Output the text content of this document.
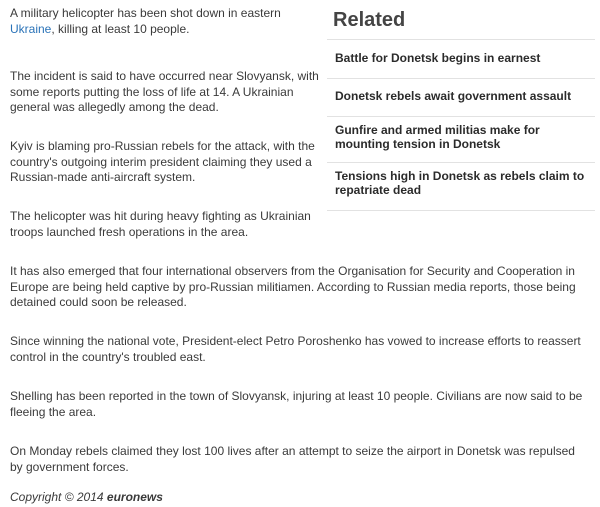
A military helicopter has been shot down in eastern Ukraine, killing at least 10 people.

The incident is said to have occurred near Slovyansk, with some reports putting the loss of life at 14. A Ukrainian general was allegedly among the dead.

Kyiv is blaming pro-Russian rebels for the attack, with the country's outgoing interim president claiming they used a Russian-made anti-aircraft system.

The helicopter was hit during heavy fighting as Ukrainian troops launched fresh operations in the area.

It has also emerged that four international observers from the Organisation for Security and Cooperation in Europe are being held captive by pro-Russian militiamen. According to Russian media reports, those being detained could soon be released.

Since winning the national vote, President-elect Petro Poroshenko has vowed to increase efforts to reassert control in the country's troubled east.

Shelling has been reported in the town of Slovyansk, injuring at least 10 people. Civilians are now said to be fleeing the area.

On Monday rebels claimed they lost 100 lives after an attempt to seize the airport in Donetsk was repulsed by government forces.

Copyright © 2014 euronews
Related
Battle for Donetsk begins in earnest
Donetsk rebels await government assault
Gunfire and armed militias make for mounting tension in Donetsk
Tensions high in Donetsk as rebels claim to repatriate dead
